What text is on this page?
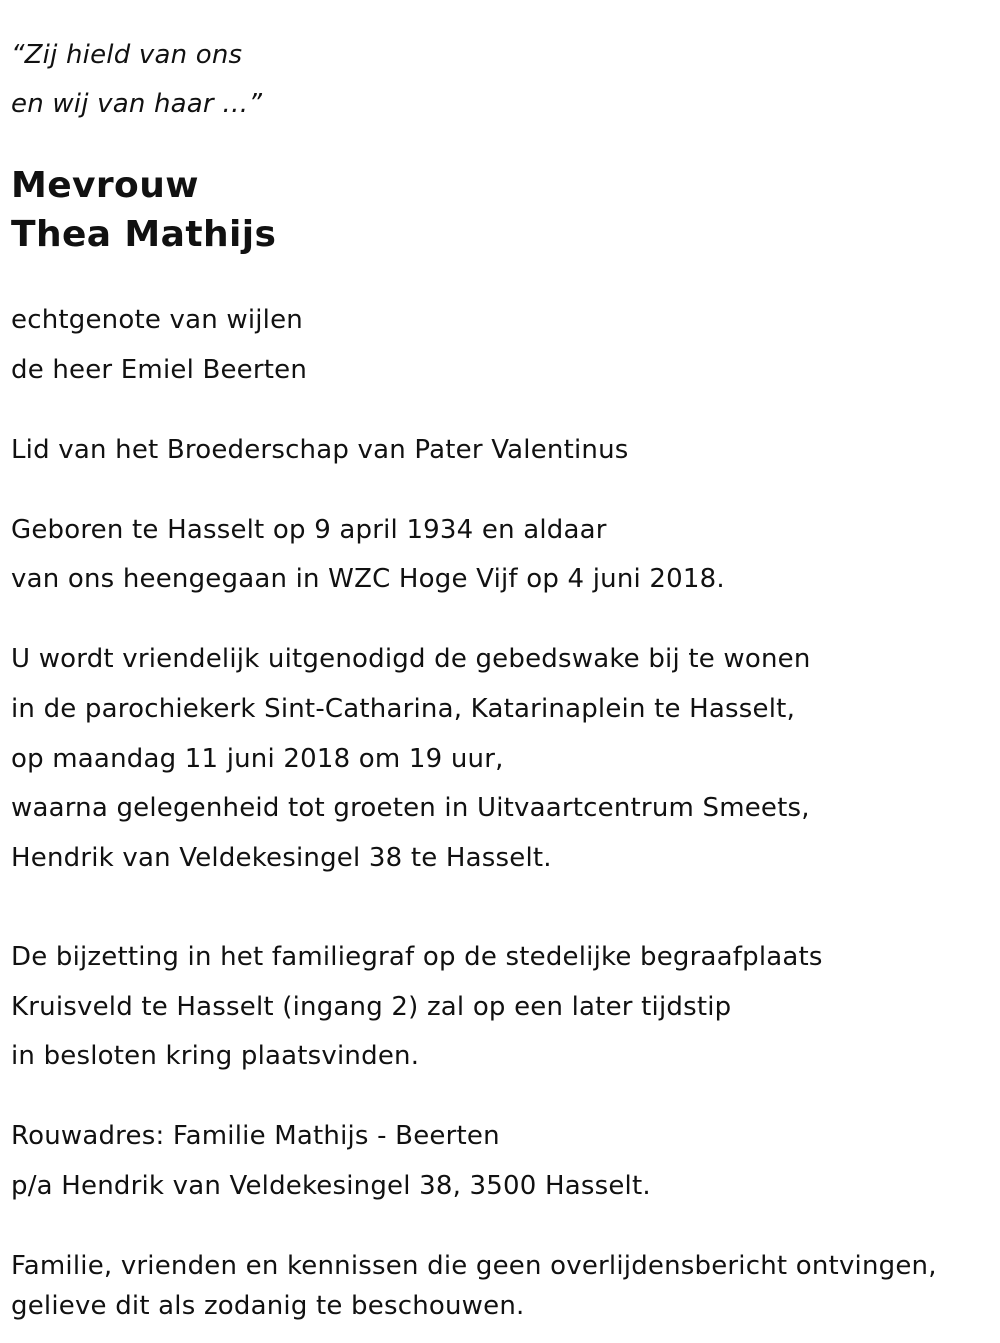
“Zij hield van ons
en wij van haar …”
Mevrouw
Thea Mathijs
echtgenote van wijlen
de heer Emiel Beerten
Lid van het Broederschap van Pater Valentinus
Geboren te Hasselt op 9 april 1934 en aldaar
van ons heengegaan in WZC Hoge Vijf op 4 juni 2018.
U wordt vriendelijk uitgenodigd de gebedswake bij te wonen
in de parochiekerk Sint-Catharina, Katarinaplein te Hasselt,
op maandag 11 juni 2018 om 19 uur,
waarna gelegenheid tot groeten in Uitvaartcentrum Smeets,
Hendrik van Veldekesingel 38 te Hasselt.
De bijzetting in het familiegraf op de stedelijke begraafplaats
Kruisveld te Hasselt (ingang 2) zal op een later tijdstip
in besloten kring plaatsvinden.
Rouwadres: Familie Mathijs - Beerten
p/a Hendrik van Veldekesingel 38, 3500 Hasselt.
Familie, vrienden en kennissen die geen overlijdensbericht ontvingen,
gelieve dit als zodanig te beschouwen.
